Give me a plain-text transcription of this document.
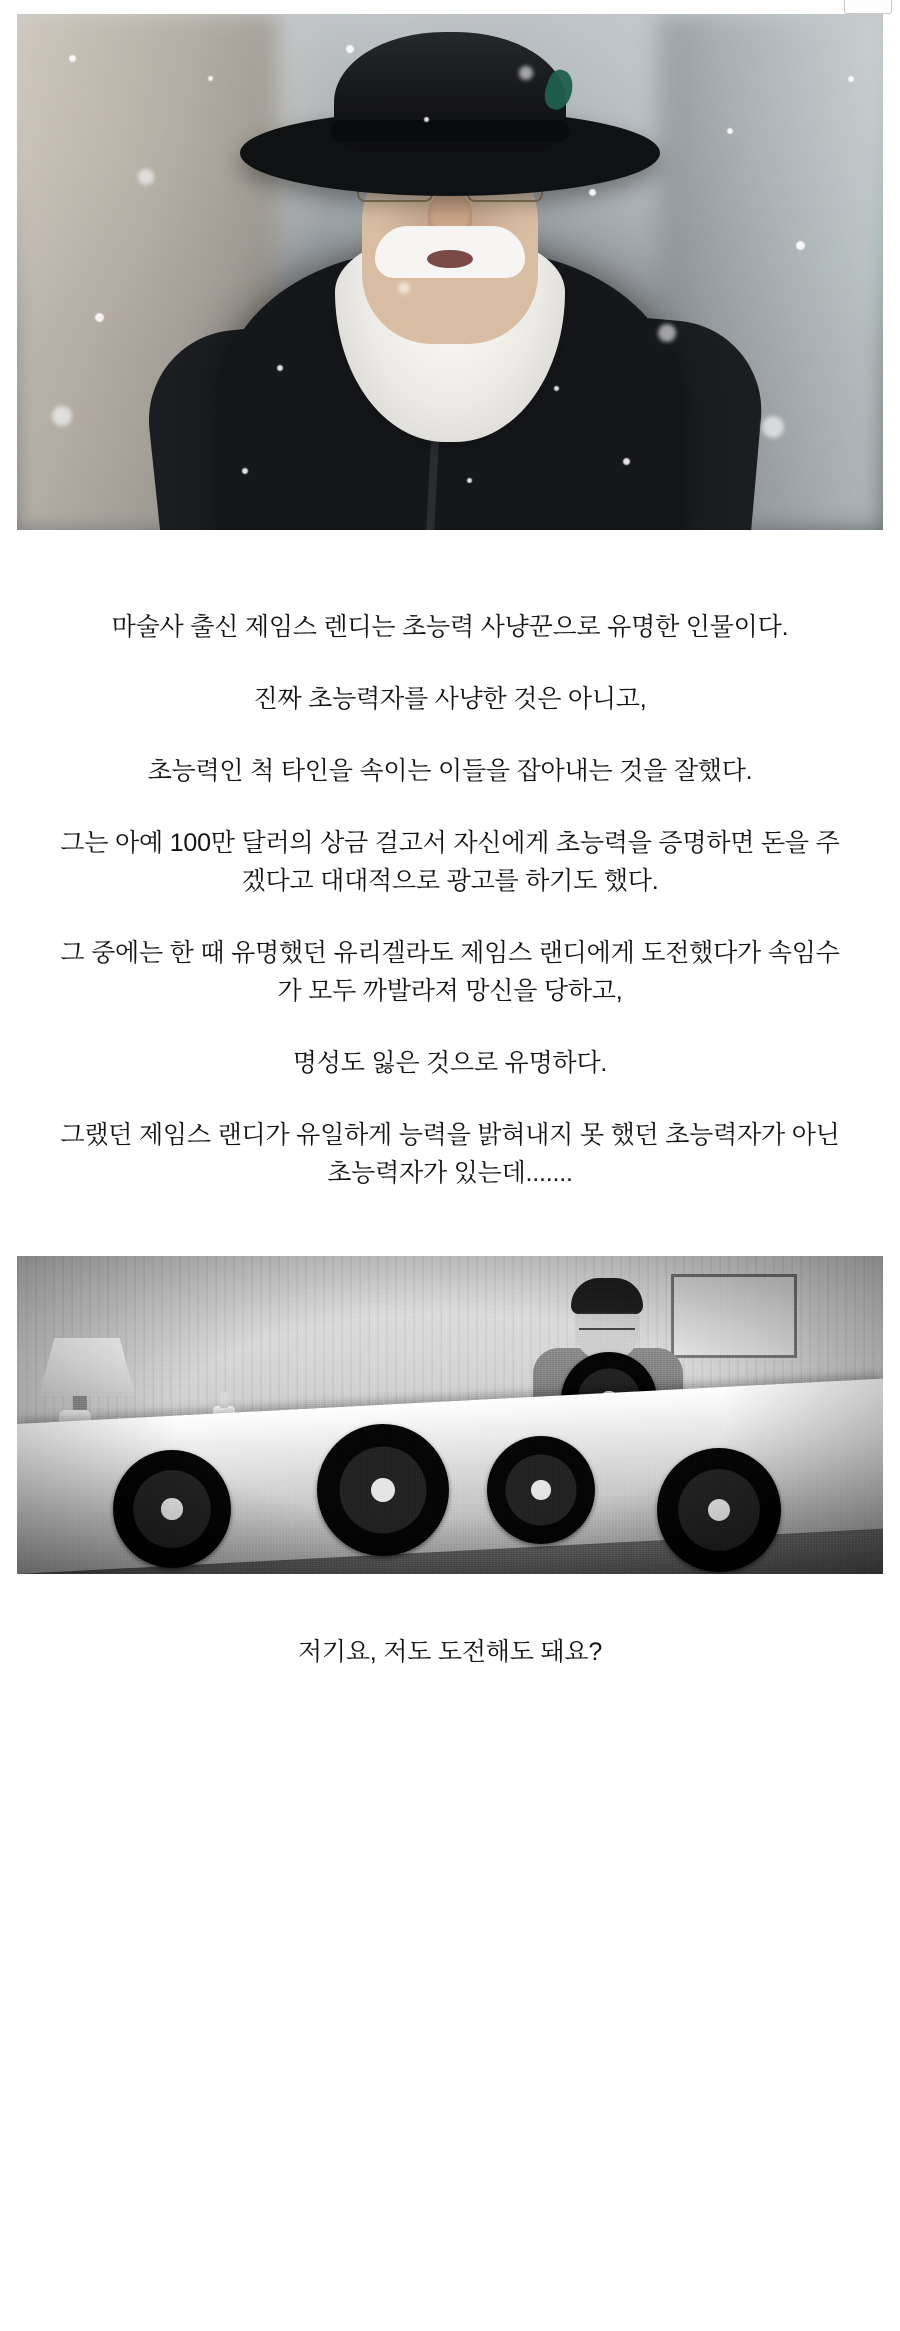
마술사 출신 제임스 렌디는 초능력 사냥꾼으로 유명한 인물이다.

진짜 초능력자를 사냥한 것은 아니고,

초능력인 척 타인을 속이는 이들을 잡아내는 것을 잘했다.

그는 아예 100만 달러의 상금 걸고서 자신에게 초능력을 증명하면 돈을 주겠다고 대대적으로 광고를 하기도 했다.

그 중에는 한 때 유명했던 유리겔라도 제임스 랜디에게 도전했다가 속임수가 모두 까발라져 망신을 당하고,

명성도 잃은 것으로 유명하다.

그랬던 제임스 랜디가 유일하게 능력을 밝혀내지 못 했던 초능력자가 아닌 초능력자가 있는데.......

저기요, 저도 도전해도 돼요?
